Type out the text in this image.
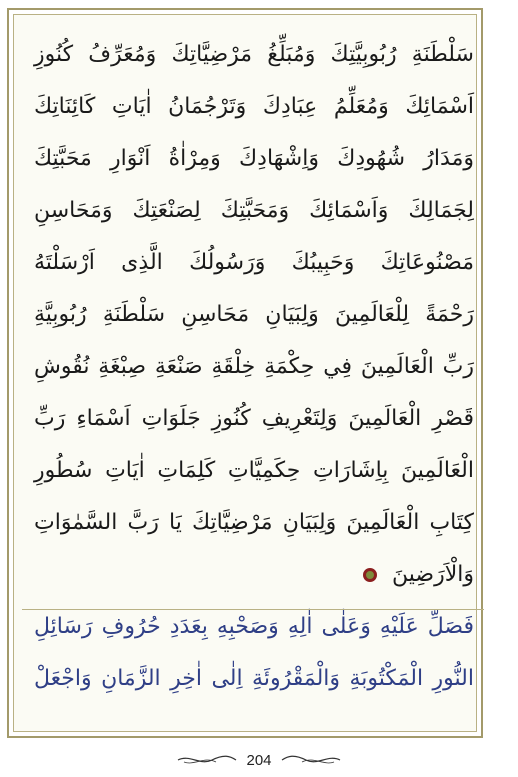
سَلْطَنَةِ رُبُوبِيَّتِكَ وَمُبَلِّغُ مَرْضِيَّاتِكَ وَمُعَرِّفُ كُنُوزِ
اَسْمَائِكَ وَمُعَلِّمُ عِبَادِكَ وَتَرْجُمَانُ اٰيَاتِ كَائِنَاتِكَ
وَمَدَارُ شُهُودِكَ وَاِشْهَادِكَ وَمِرْاٰةُ اَنْوَارِ مَحَبَّتِكَ
لِجَمَالِكَ وَاَسْمَائِكَ وَمَحَبَّتِكَ لِصَنْعَتِكَ وَمَحَاسِنِ
مَصْنُوعَاتِكَ وَحَبِيبُكَ وَرَسُولُكَ الَّذِى اَرْسَلْتَهُ
رَحْمَةً لِلْعَالَمِينَ وَلِبَيَانِ مَحَاسِنِ سَلْطَنَةِ رُبُوبِيَّةِ
رَبِّ الْعَالَمِينَ فِي حِكْمَةِ خِلْقَةِ صَنْعَةِ صِبْغَةِ نُقُوشِ
قَصْرِ الْعَالَمِينَ وَلِتَعْرِيفِ كُنُوزِ جَلَوَاتِ اَسْمَاءِ رَبِّ
الْعَالَمِينَ بِاِشَارَاتِ حِكَمِيَّاتِ كَلِمَاتِ اٰيَاتِ سُطُورِ
كِتَابِ الْعَالَمِينَ وَلِبَيَانِ مَرْضِيَّاتِكَ يَا رَبَّ السَّمٰوَاتِ
وَالْاَرَضِينَ
فَصَلِّ عَلَيْهِ وَعَلٰى اٰلِهِ وَصَحْبِهِ بِعَدَدِ حُرُوفِ رَسَائِلِ
النُّورِ الْمَكْتُوبَةِ وَالْمَقْرُوئَةِ اِلٰى اٰخِرِ الزَّمَانِ وَاجْعَلْ
204
